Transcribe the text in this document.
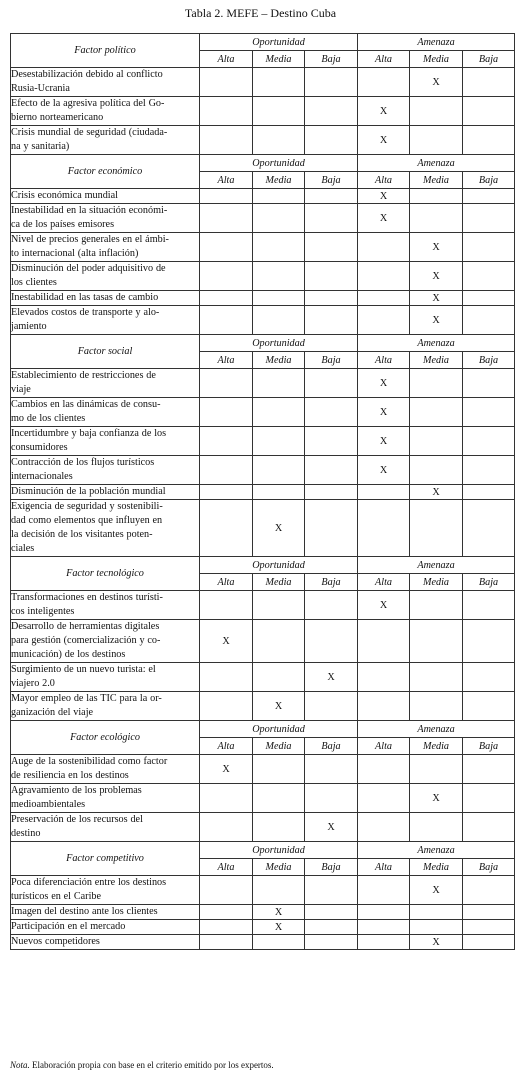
Tabla 2. MEFE – Destino Cuba
Factor político	Oportunidad			Amenaza		
	Alta	Media	Baja	Alta	Media	Baja
Desestabilización debido al conflicto
Rusia-Ucrania					X	
Efecto de la agresiva política del Go-
bierno norteamericano				X		
Crisis mundial de seguridad (ciudada-
na y sanitaria)				X		
Factor económico	Oportunidad			Amenaza		
	Alta	Media	Baja	Alta	Media	Baja
Crisis económica mundial				X		
Inestabilidad en la situación económi-
ca de los países emisores				X		
Nivel de precios generales en el ámbi-
to internacional (alta inflación)					X	
Disminución del poder adquisitivo de
los clientes					X	
Inestabilidad en las tasas de cambio					X	
Elevados costos de transporte y alo-
jamiento					X	
Factor social	Oportunidad			Amenaza		
	Alta	Media	Baja	Alta	Media	Baja
Establecimiento de restricciones de
viaje				X		
Cambios en las dinámicas de consu-
mo de los clientes				X		
Incertidumbre y baja confianza de los
consumidores				X		
Contracción de los flujos turísticos
internacionales				X		
Disminución de la población mundial					X	
Exigencia de seguridad y sostenibili-
dad como elementos que influyen en
la decisión de los visitantes poten-
ciales		X				
Factor tecnológico	Oportunidad			Amenaza		
	Alta	Media	Baja	Alta	Media	Baja
Transformaciones en destinos turísti-
cos inteligentes				X		
Desarrollo de herramientas digitales
para gestión (comercialización y co-
municación) de los destinos	X					
Surgimiento de un nuevo turista: el
viajero 2.0			X			
Mayor empleo de las TIC para la or-
ganización del viaje		X				
Factor ecológico	Oportunidad			Amenaza		
	Alta	Media	Baja	Alta	Media	Baja
Auge de la sostenibilidad como factor
de resiliencia en los destinos	X					
Agravamiento de los problemas
medioambientales					X	
Preservación de los recursos del
destino			X			
Factor competitivo	Oportunidad			Amenaza		
	Alta	Media	Baja	Alta	Media	Baja
Poca diferenciación entre los destinos
turísticos en el Caribe					X	
Imagen del destino ante los clientes		X				
Participación en el mercado		X				
Nuevos competidores					X	
Nota. Elaboración propia con base en el criterio emitido por los expertos.
